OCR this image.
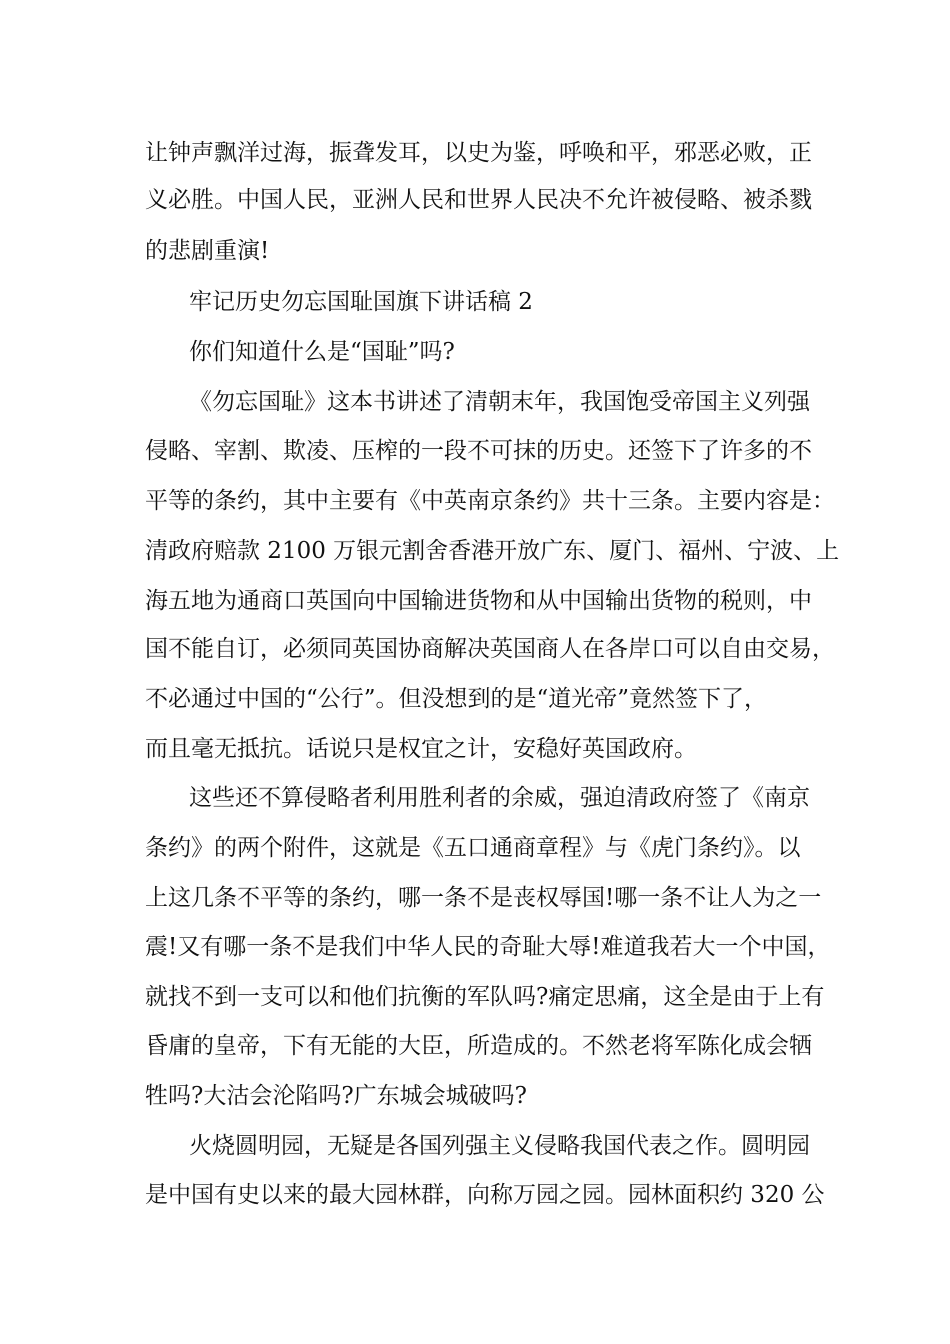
让钟声飘洋过海，振聋发耳，以史为鉴，呼唤和平，邪恶必败，正
义必胜。中国人民，亚洲人民和世界人民决不允许被侵略、被杀戮
的悲剧重演!
牢记历史勿忘国耻国旗下讲话稿 2
你们知道什么是“国耻”吗?
《勿忘国耻》这本书讲述了清朝末年，我国饱受帝国主义列强
侵略、宰割、欺凌、压榨的一段不可抹的历史。还签下了许多的不
平等的条约，其中主要有《中英南京条约》共十三条。主要内容是：
清政府赔款 2100 万银元割舍香港开放广东、厦门、福州、宁波、上
海五地为通商口英国向中国输进货物和从中国输出货物的税则，中
国不能自订，必须同英国协商解决英国商人在各岸口可以自由交易，
不必通过中国的“公行”。但没想到的是“道光帝”竟然签下了，
而且毫无抵抗。话说只是权宜之计，安稳好英国政府。
这些还不算侵略者利用胜利者的余威，强迫清政府签了《南京
条约》的两个附件，这就是《五口通商章程》与《虎门条约》。以
上这几条不平等的条约，哪一条不是丧权辱国!哪一条不让人为之一
震!又有哪一条不是我们中华人民的奇耻大辱!难道我若大一个中国，
就找不到一支可以和他们抗衡的军队吗?痛定思痛，这全是由于上有
昏庸的皇帝，下有无能的大臣，所造成的。不然老将军陈化成会牺
牲吗?大沽会沦陷吗?广东城会城破吗?
火烧圆明园，无疑是各国列强主义侵略我国代表之作。圆明园
是中国有史以来的最大园林群，向称万园之园。园林面积约 320 公
